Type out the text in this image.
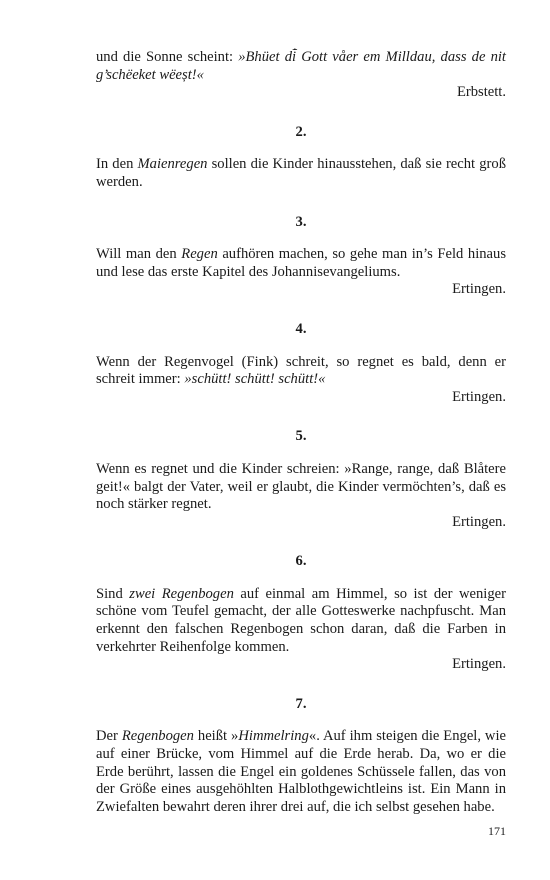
und die Sonne scheint: »Bhüet di̇̄ Gott våer em Milldau, dass de nit g’schëeket wëeșt!«

Erbstett.

2.

In den Maienregen sollen die Kinder hinausstehen, daß sie recht groß werden.

3.

Will man den Regen aufhören machen, so gehe man in’s Feld hinaus und lese das erste Kapitel des Johannisevangeliums.

Ertingen.

4.

Wenn der Regenvogel (Fink) schreit, so regnet es bald, denn er schreit immer: »schütt! schütt! schütt!«

Ertingen.

5.

Wenn es regnet und die Kinder schreien: »Range, range, daß Blåtere geit!« balgt der Vater, weil er glaubt, die Kinder vermöchten’s, daß es noch stärker regnet.

Ertingen.

6.

Sind zwei Regenbogen auf einmal am Himmel, so ist der weniger schöne vom Teufel gemacht, der alle Gotteswerke nachpfuscht. Man erkennt den falschen Regenbogen schon daran, daß die Farben in verkehrter Reihenfolge kommen.

Ertingen.

7.

Der Regenbogen heißt »Himmelring«. Auf ihm steigen die Engel, wie auf einer Brücke, vom Himmel auf die Erde herab. Da, wo er die Erde berührt, lassen die Engel ein goldenes Schüssele fallen, das von der Größe eines ausgehöhlten Halblothgewichtleins ist. Ein Mann in Zwiefalten bewahrt deren ihrer drei auf, die ich selbst gesehen habe.

171
